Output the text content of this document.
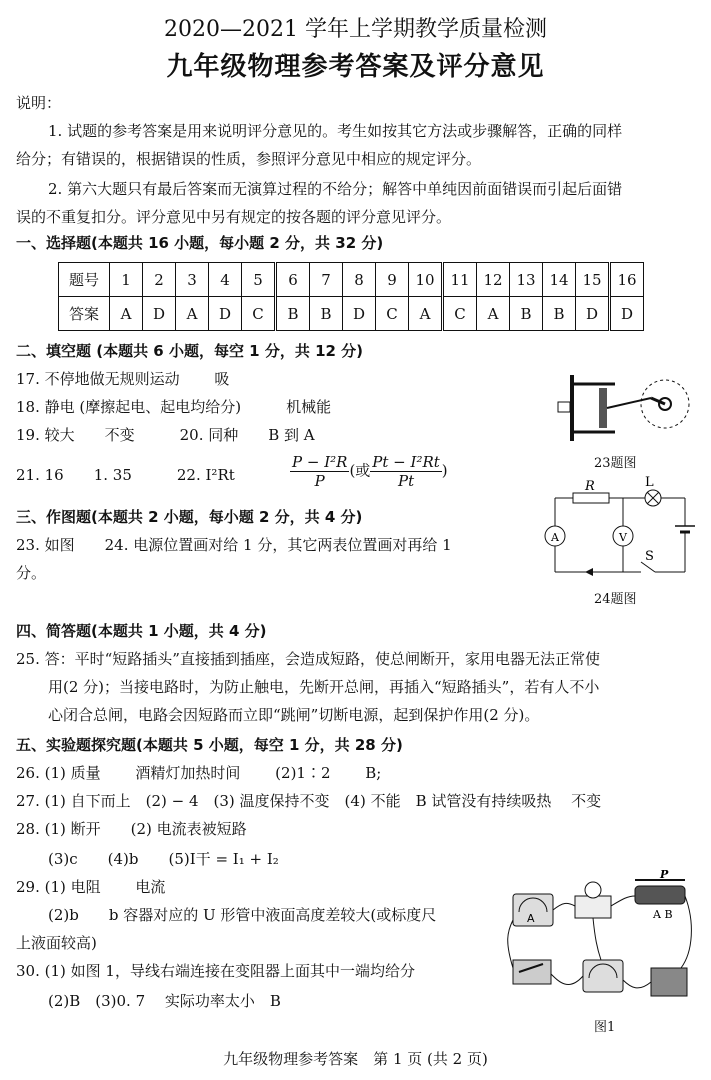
2020—2021 学年上学期教学质量检测
九年级物理参考答案及评分意见
说明：
1. 试题的参考答案是用来说明评分意见的。考生如按其它方法或步骤解答，正确的同样
给分；有错误的，根据错误的性质，参照评分意见中相应的规定评分。
2. 第六大题只有最后答案而无演算过程的不给分；解答中单纯因前面错误而引起后面错
误的不重复扣分。评分意见中另有规定的按各题的评分意见评分。
一、选择题(本题共 16 小题，每小题 2 分，共 32 分)
题号	1	2	3	4	5	6	7	8	9	10	11	12	13	14	15	16
答案	A	D	A	D	C	B	B	D	C	A	C	A	B	B	D	D
二、填空题 (本题共 6 小题，每空 1 分，共 12 分)
17. 不停地做无规则运动　　 吸
18. 静电 (摩擦起电、起电均给分)　　　机械能
19. 较大　　不变　　　20. 同种　　B 到 A
21. 16　　1. 35　　　22. I²Rt	$\frac{\text{P − I²R}}{P}$ (或 $\frac{\text{Pt − I²Rt}}{Pt}$ )	23题图
三、作图题(本题共 2 小题，每小题 2 分，共 4 分)
23. 如图　　24. 电源位置画对给 1 分，其它两表位置画对再给 1
分。
R	L
S
A	V
24题图
四、简答题(本题共 1 小题，共 4 分)
25. 答：平时“短路插头”直接插到插座，会造成短路，使总闸断开，家用电器无法正常使
用(2 分)；当接电路时，为防止触电，先断开总闸，再插入“短路插头”，若有人不小
心闭合总闸，电路会因短路而立即“跳闸”切断电源，起到保护作用(2 分)。
五、实验题探究题(本题共 5 小题，每空 1 分，共 28 分)
26. (1) 质量　　 酒精灯加热时间　　 (2)1∶2　　 B;
27. (1) 自下而上　(2) − 4　(3) 温度保持不变　(4) 不能　B 试管没有持续吸热　 不变
28. (1) 断开　　(2) 电流表被短路
(3)c　　(4)b　　(5)I干 = I₁ + I₂
29. (1) 电阻　　 电流
(2)b　　b 容器对应的 U 形管中液面高度差较大(或标度尺
上液面较高)
30. (1) 如图 1，导线右端连接在变阻器上面其中一端均给分
(2)B　(3)0. 7　 实际功率太小　B
A
P
A B
图1
九年级物理参考答案　第 1 页 (共 2 页)
